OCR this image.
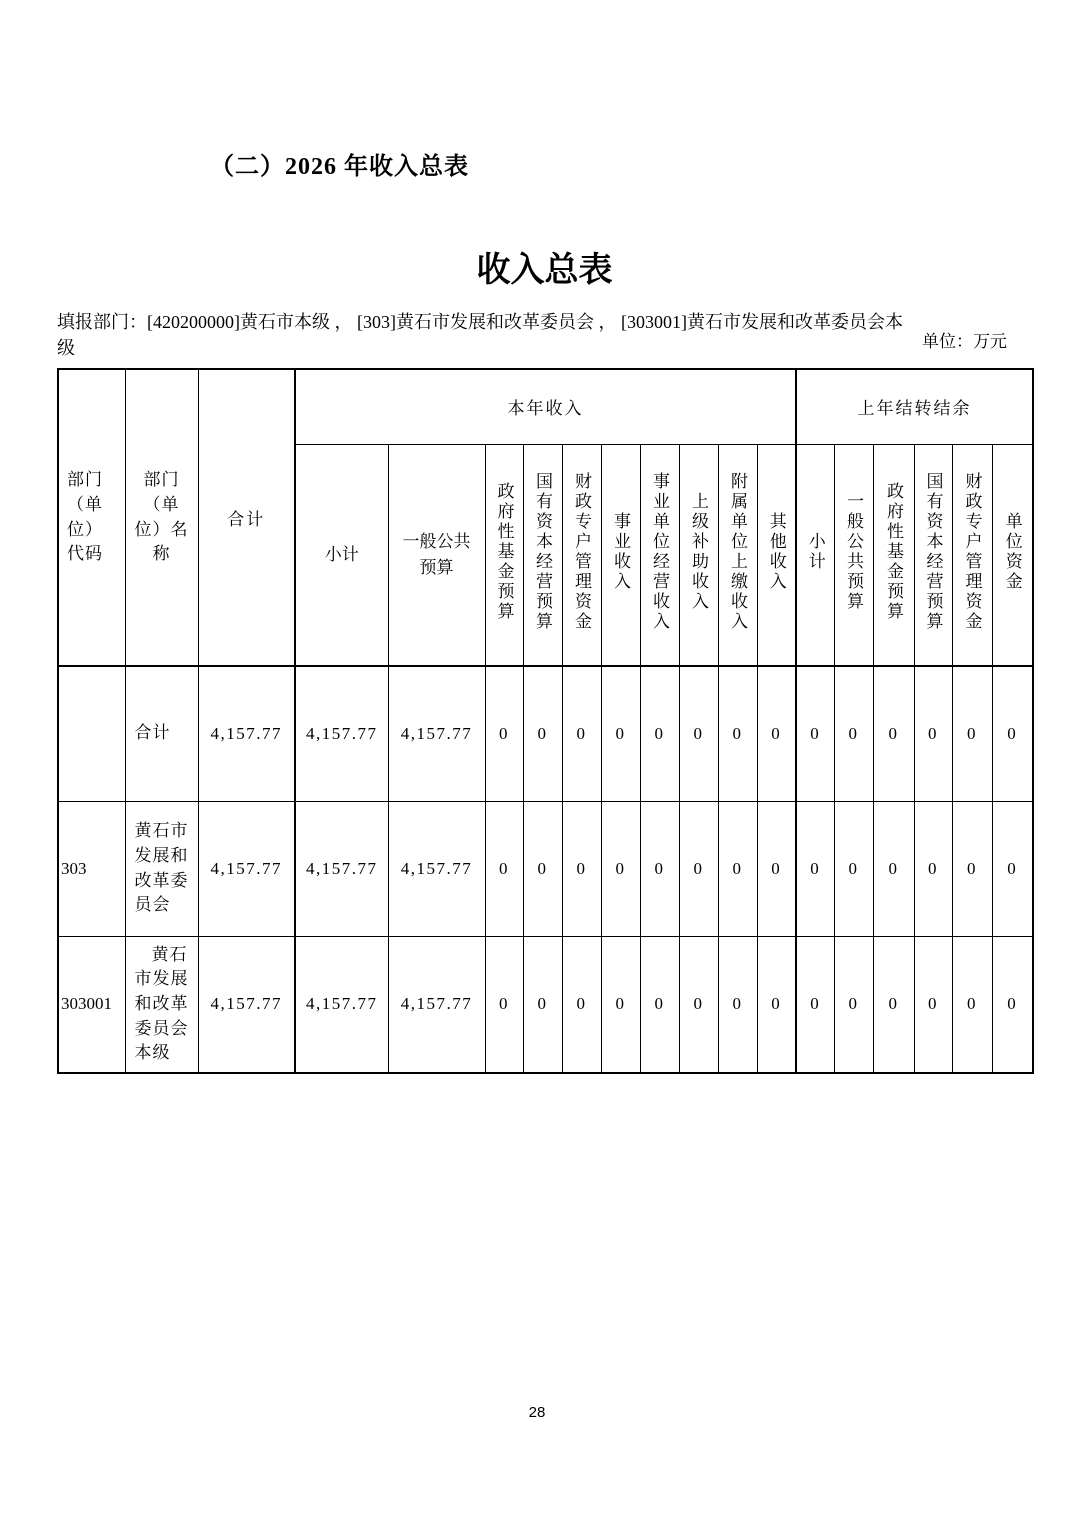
（二）2026 年收入总表
收入总表
填报部门：[420200000]黄石市本级 ， [303]黄石市发展和改革委员会 ， [303001]黄石市发展和改革委员会本级	单位：万元
部门（单位）代码	部门（单位）名称	合计	本年收入										上年结转结余					
			小计	一般公共预算	政府性基金预算	国有资本经营预算	财政专户管理资金	事业收入	事业单位经营收入	上级补助收入	附属单位上缴收入	其他收入	小计	一般公共预算	政府性基金预算	国有资本经营预算	财政专户管理资金	单位资金
	合计	4,157.77	4,157.77	4,157.77	0	0	0	0	0	0	0	0	0	0	0	0	0	0
303	黄石市发展和改革委员会	4,157.77	4,157.77	4,157.77	0	0	0	0	0	0	0	0	0	0	0	0	0	0
303001	黄石市发展和改革委员会本级	4,157.77	4,157.77	4,157.77	0	0	0	0	0	0	0	0	0	0	0	0	0	0
28
